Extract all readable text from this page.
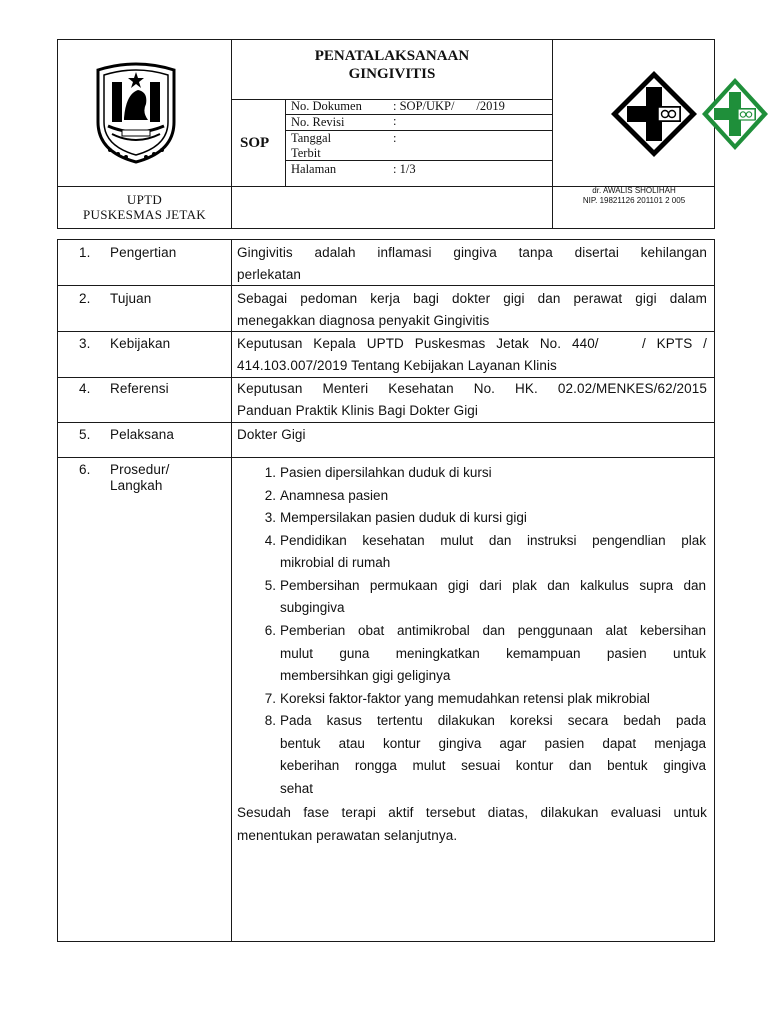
PENATALAKSANAAN
GINGIVITIS
SOP
No. Dokumen : SOP/UKP/       /2019
No. Revisi	:
Tanggal
Terbit
:
Halaman	: 1/3
UPTD
PUSKESMAS JETAK
dr. AWALIS SHOLIHAH
NIP. 19821126 201101 2 005
1. Pengertian	Gingivitis adalah inflamasi gingiva tanpa disertai kehilangan
perlekatan
2. Tujuan	Sebagai pedoman kerja bagi dokter gigi dan perawat gigi dalam
menegakkan diagnosa penyakit Gingivitis
3. Kebijakan	Keputusan Kepala UPTD Puskesmas Jetak No. 440/    / KPTS /
414.103.007/2019 Tentang Kebijakan Layanan Klinis
4. Referensi	Keputusan Menteri Kesehatan No. HK. 02.02/MENKES/62/2015
Panduan Praktik Klinis Bagi Dokter Gigi
5. Pelaksana	Dokter Gigi
6. Prosedur/
Langkah
1. Pasien dipersilahkan duduk di kursi
2. Anamnesa pasien
3. Mempersilakan pasien duduk di kursi gigi
4. Pendidikan kesehatan mulut dan instruksi pengendlian plak
mikrobial di rumah
5. Pembersihan permukaan gigi dari plak dan kalkulus supra dan
subgingiva
6. Pemberian obat antimikrobal dan penggunaan alat kebersihan
mulut guna meningkatkan kemampuan pasien untuk
membersihkan gigi geliginya
7. Koreksi faktor-faktor yang memudahkan retensi plak mikrobial
8. Pada kasus tertentu dilakukan koreksi secara bedah pada
bentuk atau kontur gingiva agar pasien dapat menjaga
keberihan rongga mulut sesuai kontur dan bentuk gingiva
sehat
Sesudah fase terapi aktif tersebut diatas, dilakukan evaluasi untuk
menentukan perawatan selanjutnya.
